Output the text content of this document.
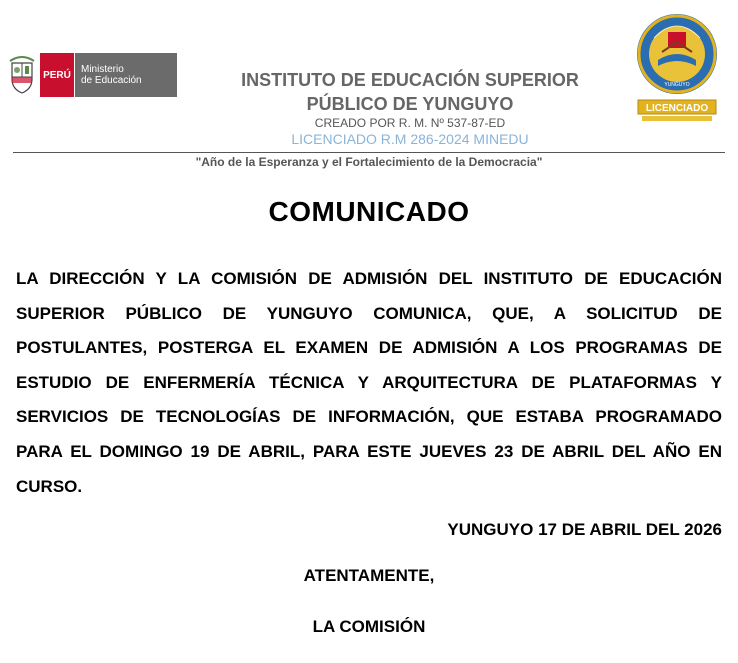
PERÚ	Ministerio
de Educación	INSTITUTO DE EDUCACIÓN SUPERIOR
PÚBLICO DE YUNGUYO
CREADO POR R. M. Nº 537-87-ED
LICENCIADO R.M 286-2024 MINEDU
"Año de la Esperanza y el Fortalecimiento de la Democracia"
YUNGUYO
LICENCIADO
COMUNICADO
LA DIRECCIÓN Y LA COMISIÓN DE ADMISIÓN DEL INSTITUTO DE EDUCACIÓN SUPERIOR PÚBLICO DE YUNGUYO COMUNICA, QUE, A SOLICITUD DE POSTULANTES, POSTERGA EL EXAMEN DE ADMISIÓN A LOS PROGRAMAS DE ESTUDIO DE ENFERMERÍA TÉCNICA Y ARQUITECTURA DE PLATAFORMAS Y SERVICIOS DE TECNOLOGÍAS DE INFORMACIÓN, QUE ESTABA PROGRAMADO PARA EL DOMINGO 19 DE ABRIL, PARA ESTE JUEVES 23 DE ABRIL DEL AÑO EN CURSO.
YUNGUYO 17 DE ABRIL DEL 2026
ATENTAMENTE,
LA COMISIÓN
